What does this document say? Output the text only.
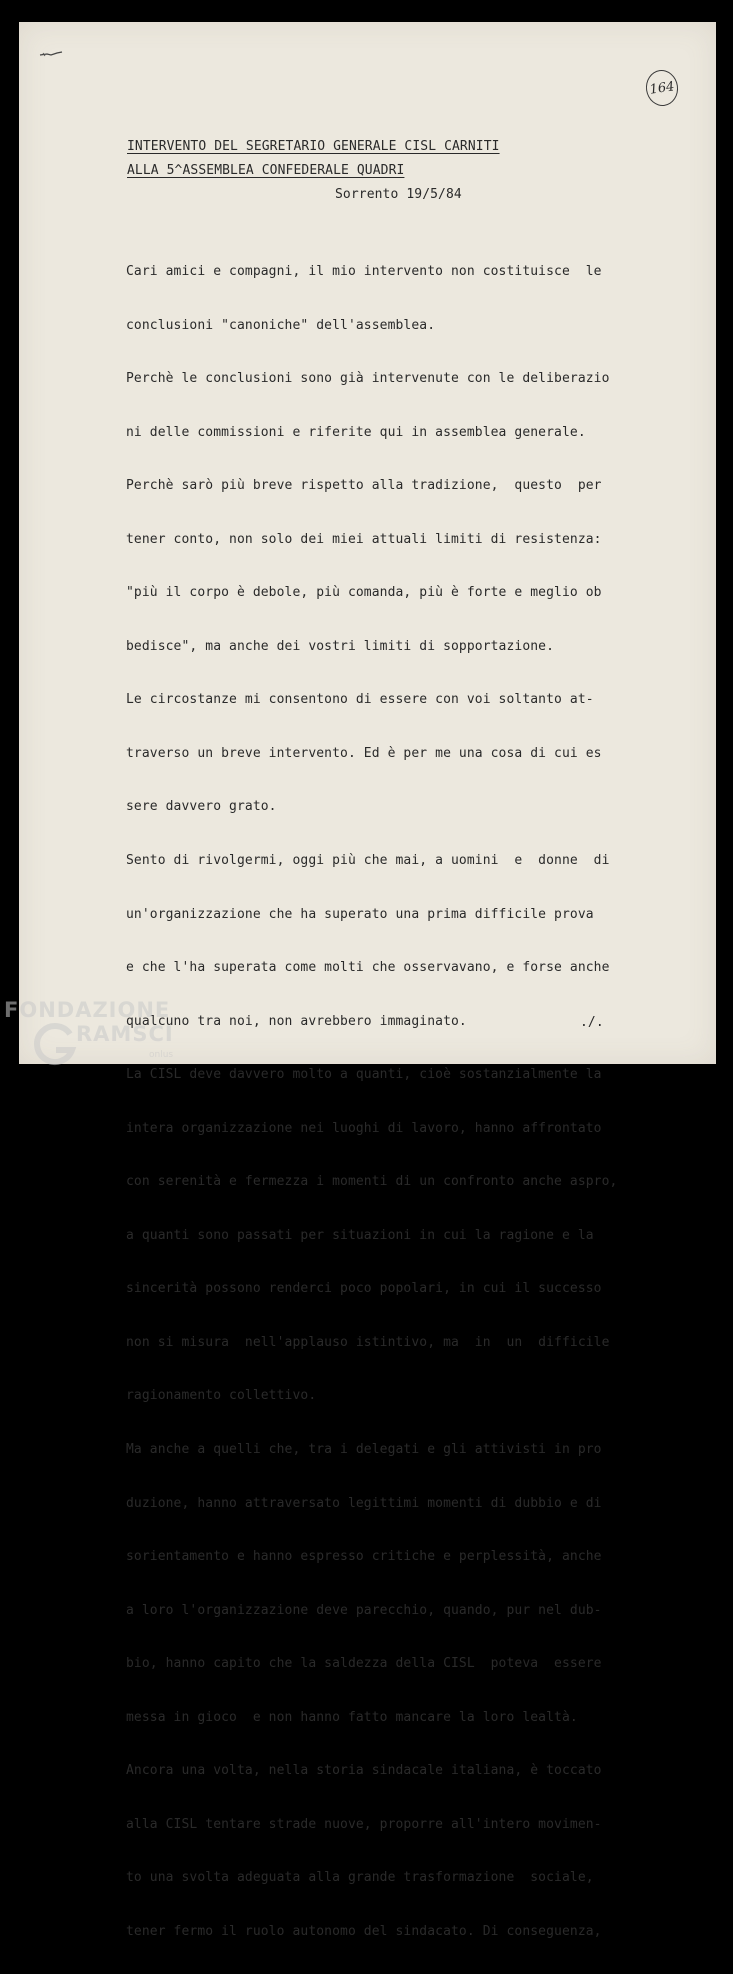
164
INTERVENTO DEL SEGRETARIO GENERALE CISL CARNITI
ALLA 5^ASSEMBLEA CONFEDERALE QUADRI
Sorrento 19/5/84

Cari amici e compagni, il mio intervento non costituisce  le

conclusioni "canoniche" dell'assemblea.

Perchè le conclusioni sono già intervenute con le deliberazio

ni delle commissioni e riferite qui in assemblea generale.

Perchè sarò più breve rispetto alla tradizione,  questo  per

tener conto, non solo dei miei attuali limiti di resistenza:

"più il corpo è debole, più comanda, più è forte e meglio ob

bedisce", ma anche dei vostri limiti di sopportazione.

Le circostanze mi consentono di essere con voi soltanto at-

traverso un breve intervento. Ed è per me una cosa di cui es

sere davvero grato.

Sento di rivolgermi, oggi più che mai, a uomini  e  donne  di

un'organizzazione che ha superato una prima difficile prova

e che l'ha superata come molti che osservavano, e forse anche

qualcuno tra noi, non avrebbero immaginato.

La CISL deve davvero molto a quanti, cioè sostanzialmente la

intera organizzazione nei luoghi di lavoro, hanno affrontato

con serenità e fermezza i momenti di un confronto anche aspro,

a quanti sono passati per situazioni in cui la ragione e la

sincerità possono renderci poco popolari, in cui il successo

non si misura  nell'applauso istintivo, ma  in  un  difficile

ragionamento collettivo.

Ma anche a quelli che, tra i delegati e gli attivisti in pro

duzione, hanno attraversato legittimi momenti di dubbio e di

sorientamento e hanno espresso critiche e perplessità, anche

a loro l'organizzazione deve parecchio, quando, pur nel dub-

bio, hanno capito che la saldezza della CISL  poteva  essere

messa in gioco  e non hanno fatto mancare la loro lealtà.

Ancora una volta, nella storia sindacale italiana, è toccato

alla CISL tentare strade nuove, proporre all'intero movimen-

to una svolta adeguata alla grande trasformazione  sociale,

tener fermo il ruolo autonomo del sindacato. Di conseguenza,

./.
FONDAZIONE
RAMSCI
onlus
